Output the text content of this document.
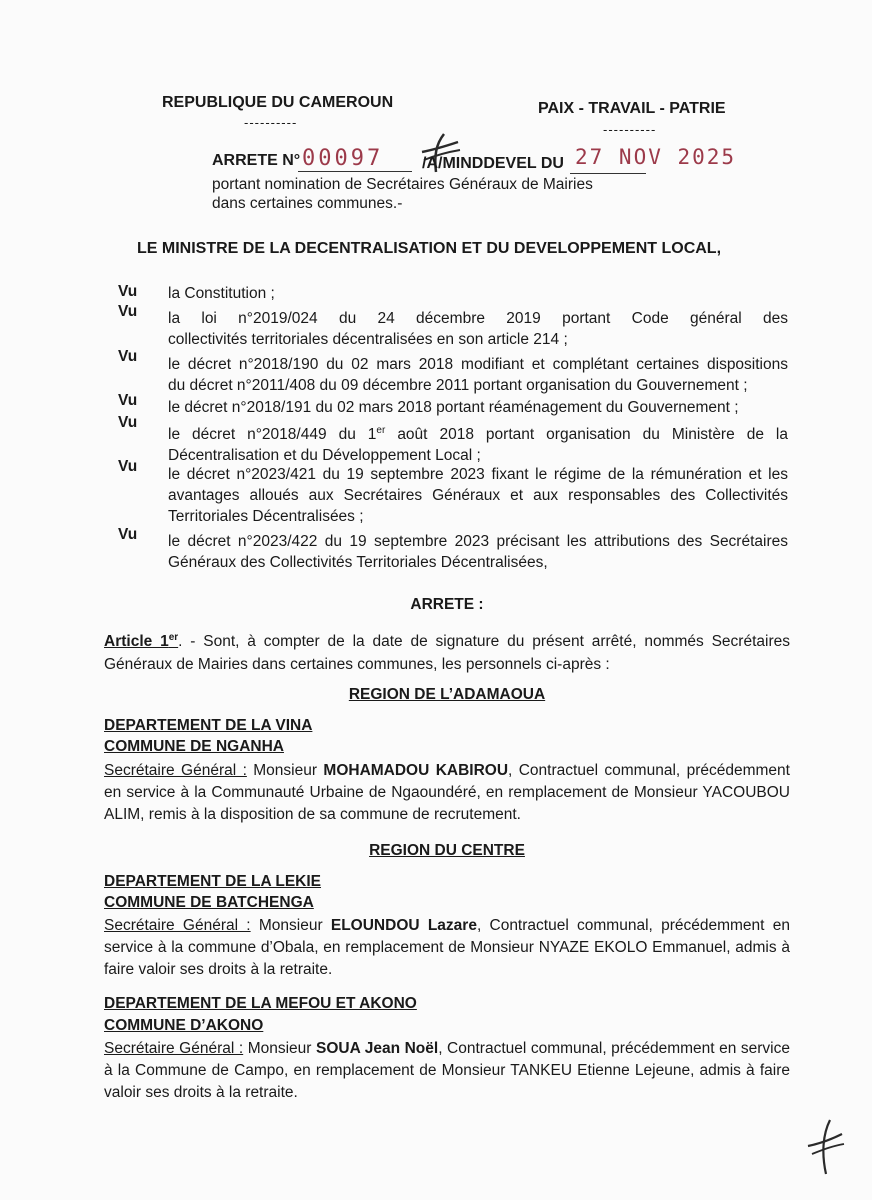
REPUBLIQUE DU CAMEROUN
----------
PAIX - TRAVAIL - PATRIE
----------
ARRETE N° 00097 /A/MINDDEVEL DU 27 NOV 2025
portant nomination de Secrétaires Généraux de Mairies
dans certaines communes.-
LE MINISTRE DE LA DECENTRALISATION ET DU DEVELOPPEMENT LOCAL,
Vu la Constitution ;
Vu la loi n°2019/024 du 24 décembre 2019 portant Code général des
collectivités territoriales décentralisées en son article 214 ;
Vu le décret n°2018/190 du 02 mars 2018 modifiant et complétant certaines dispositions
du décret n°2011/408 du 09 décembre 2011 portant organisation du Gouvernement ;
Vu le décret n°2018/191 du 02 mars 2018 portant réaménagement du Gouvernement ;
Vu
le décret n°2018/449 du 1er août 2018 portant organisation du Ministère de la
Décentralisation et du Développement Local ;
Vu le décret n°2023/421 du 19 septembre 2023 fixant le régime de la rémunération et les
avantages alloués aux Secrétaires Généraux et aux responsables des Collectivités
Territoriales Décentralisées ;
Vu le décret n°2023/422 du 19 septembre 2023 précisant les attributions des Secrétaires
Généraux des Collectivités Territoriales Décentralisées,
ARRETE :
Article 1er. - Sont, à compter de la date de signature du présent arrêté, nommés Secrétaires Généraux de Mairies dans certaines communes, les personnels ci-après :
REGION DE L’ADAMAOUA
DEPARTEMENT DE LA VINA
COMMUNE DE NGANHA
Secrétaire Général : Monsieur MOHAMADOU KABIROU, Contractuel communal, précédemment en service à la Communauté Urbaine de Ngaoundéré, en remplacement de Monsieur YACOUBOU ALIM, remis à la disposition de sa commune de recrutement.
REGION DU CENTRE
DEPARTEMENT DE LA LEKIE
COMMUNE DE BATCHENGA
Secrétaire Général : Monsieur ELOUNDOU Lazare, Contractuel communal, précédemment en service à la commune d’Obala, en remplacement de Monsieur NYAZE EKOLO Emmanuel, admis à faire valoir ses droits à la retraite.
DEPARTEMENT DE LA MEFOU ET AKONO
COMMUNE D’AKONO
Secrétaire Général : Monsieur SOUA Jean Noël, Contractuel communal, précédemment en service à la Commune de Campo, en remplacement de Monsieur TANKEU Etienne Lejeune, admis à faire valoir ses droits à la retraite.
